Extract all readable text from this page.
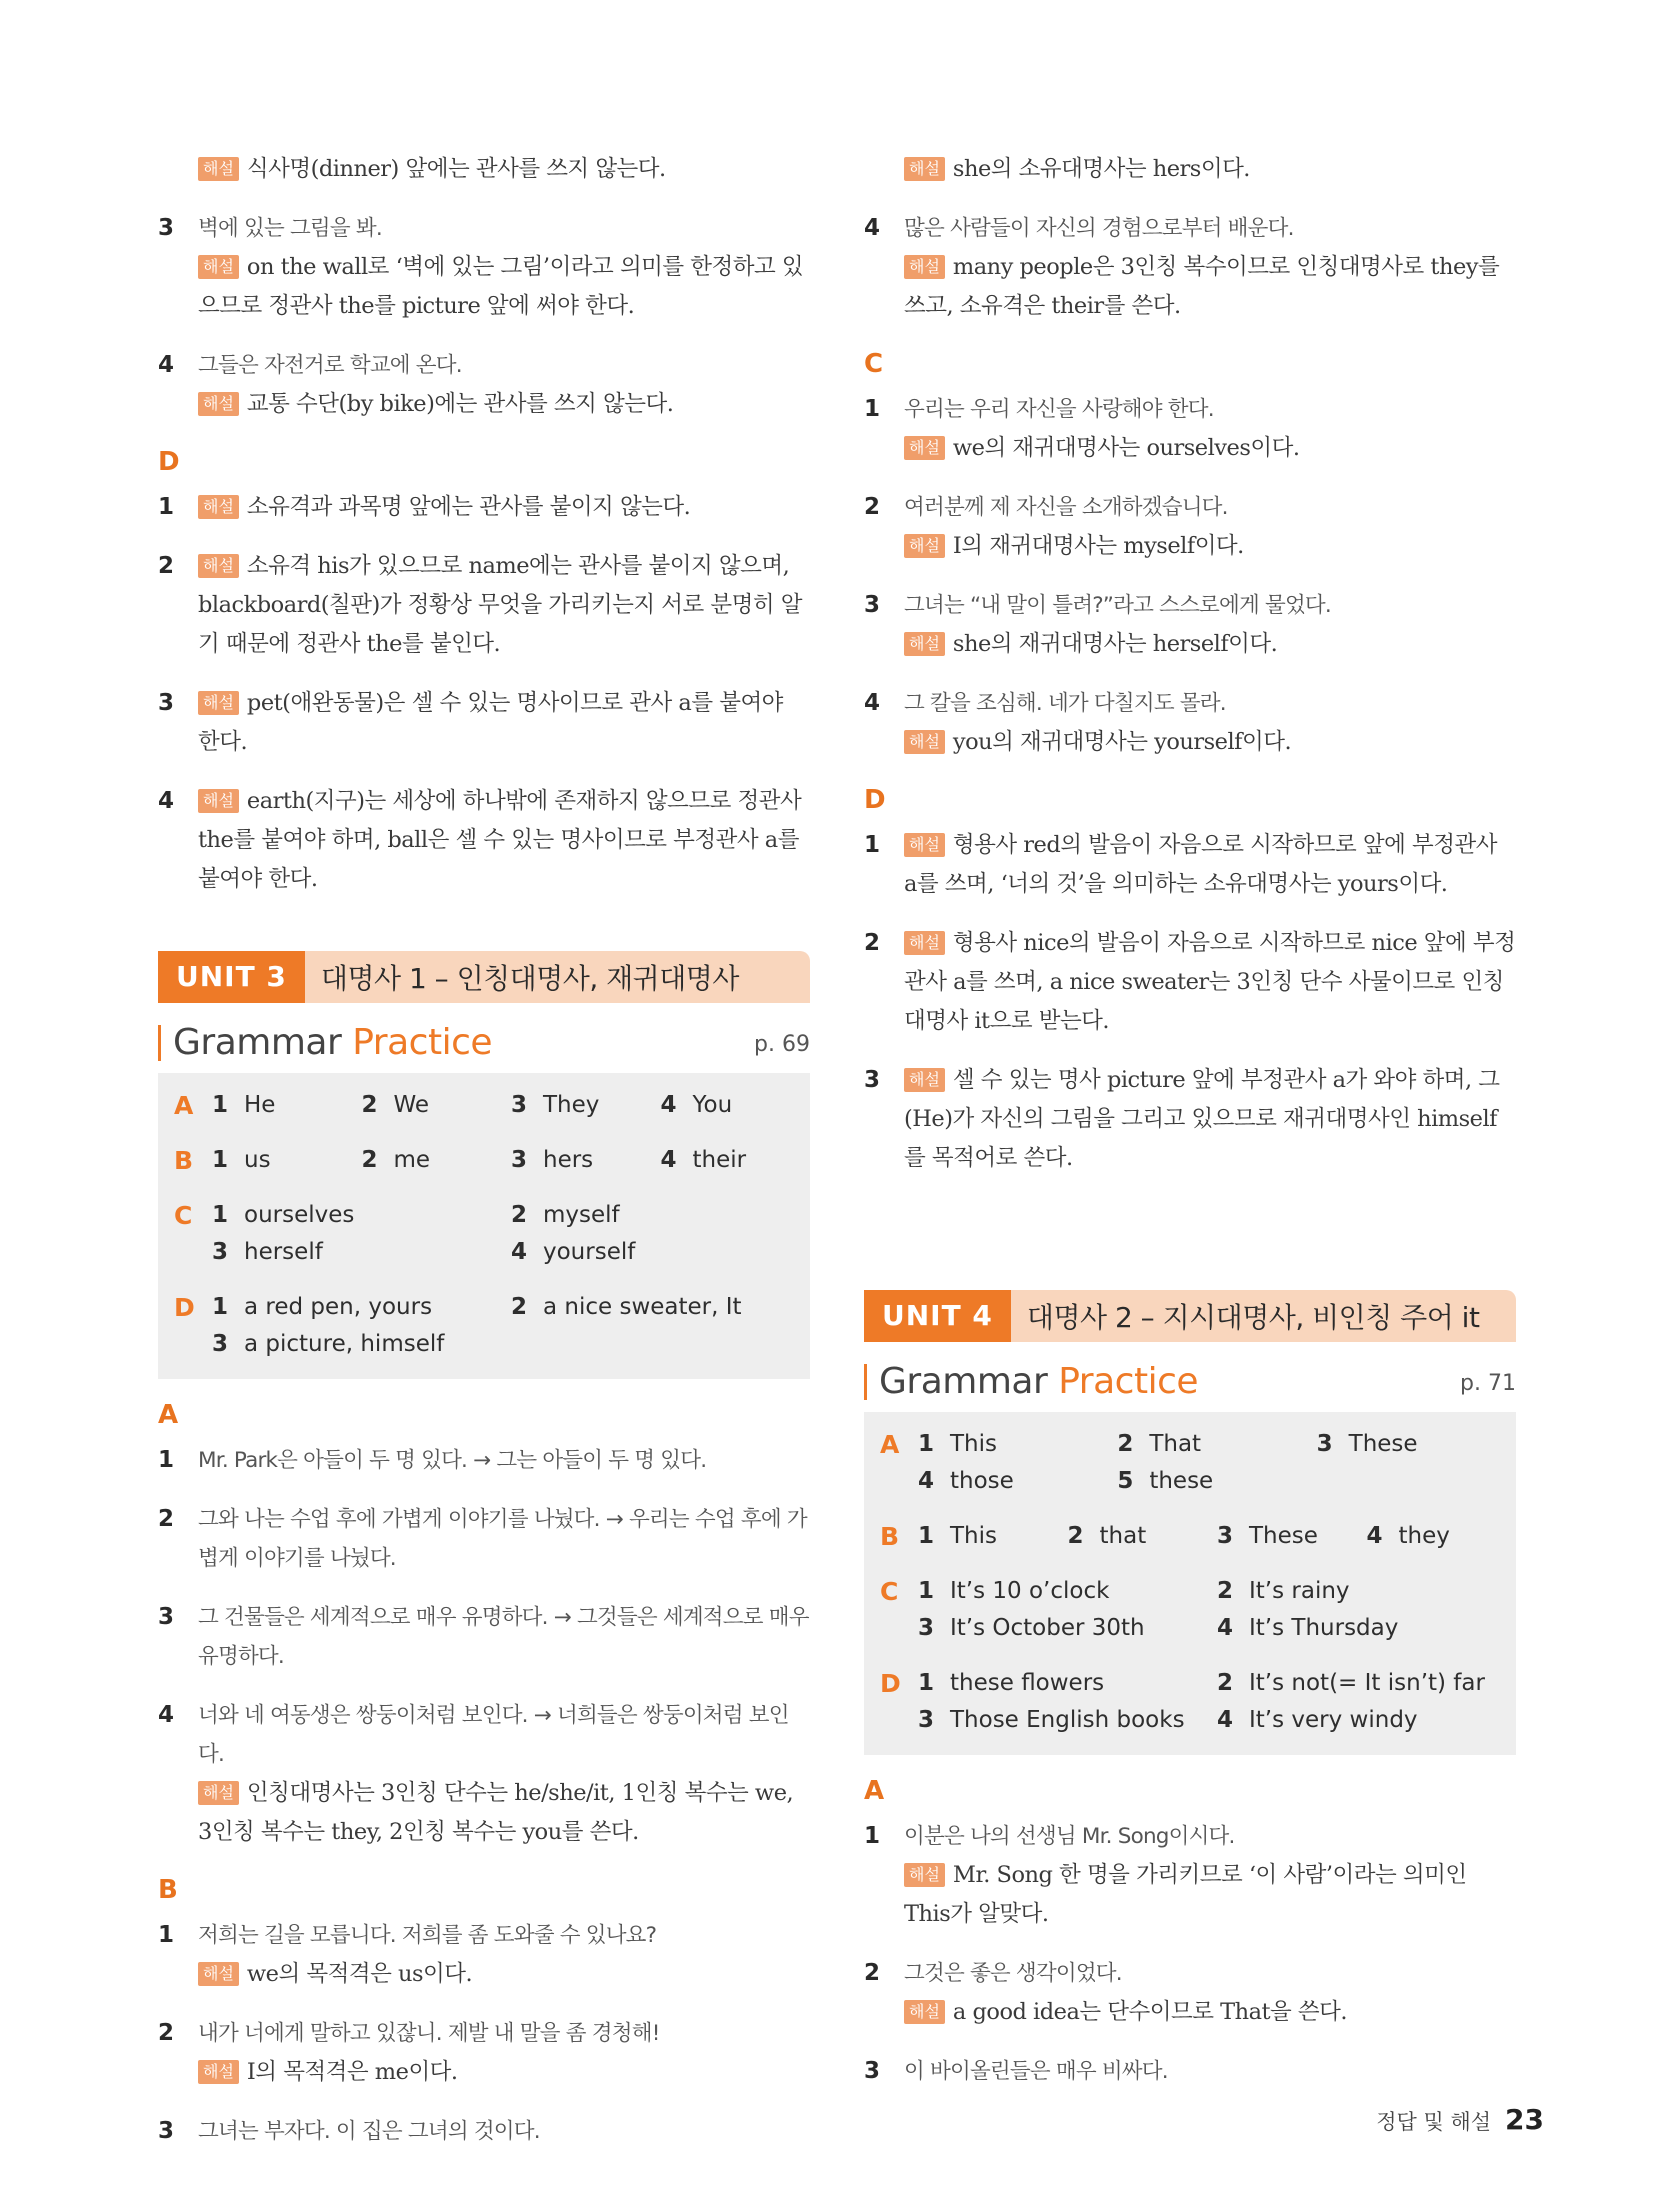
해설 식사명(dinner) 앞에는 관사를 쓰지 않는다.
3	벽에 있는 그림을 봐.
해설 on the wall로 ‘벽에 있는 그림’이라고 의미를 한정하고 있으므로 정관사 the를 picture 앞에 써야 한다.
4	그들은 자전거로 학교에 온다.
해설 교통 수단(by bike)에는 관사를 쓰지 않는다.
D
1	해설 소유격과 과목명 앞에는 관사를 붙이지 않는다.
2	해설 소유격 his가 있으므로 name에는 관사를 붙이지 않으며, blackboard(칠판)가 정황상 무엇을 가리키는지 서로 분명히 알기 때문에 정관사 the를 붙인다.
3	해설 pet(애완동물)은 셀 수 있는 명사이므로 관사 a를 붙여야 한다.
4	해설 earth(지구)는 세상에 하나밖에 존재하지 않으므로 정관사 the를 붙여야 하며, ball은 셀 수 있는 명사이므로 부정관사 a를 붙여야 한다.
UNIT 3	대명사 1 – 인칭대명사, 재귀대명사
Grammar Practice	p. 69
A 1 He	2 We	3 They	4 You
B 1 us	2 me	3 hers	4 their
C 1 ourselves	2 myself
3 herself	4 yourself
D 1 a red pen, yours	2 a nice sweater, It
3 a picture, himself
A
1	Mr. Park은 아들이 두 명 있다. → 그는 아들이 두 명 있다.
2	그와 나는 수업 후에 가볍게 이야기를 나눴다. → 우리는 수업 후에 가볍게 이야기를 나눴다.
3	그 건물들은 세계적으로 매우 유명하다. → 그것들은 세계적으로 매우 유명하다.
4	너와 네 여동생은 쌍둥이처럼 보인다. → 너희들은 쌍둥이처럼 보인다.
해설 인칭대명사는 3인칭 단수는 he/she/it, 1인칭 복수는 we, 3인칭 복수는 they, 2인칭 복수는 you를 쓴다.
B
1	저희는 길을 모릅니다. 저희를 좀 도와줄 수 있나요?
해설 we의 목적격은 us이다.
2	내가 너에게 말하고 있잖니. 제발 내 말을 좀 경청해!
해설 I의 목적격은 me이다.
3	그녀는 부자다. 이 집은 그녀의 것이다.
해설 she의 소유대명사는 hers이다.
4	많은 사람들이 자신의 경험으로부터 배운다.
해설 many people은 3인칭 복수이므로 인칭대명사로 they를 쓰고, 소유격은 their를 쓴다.
C
1	우리는 우리 자신을 사랑해야 한다.
해설 we의 재귀대명사는 ourselves이다.
2	여러분께 제 자신을 소개하겠습니다.
해설 I의 재귀대명사는 myself이다.
3	그녀는 “내 말이 틀려?”라고 스스로에게 물었다.
해설 she의 재귀대명사는 herself이다.
4	그 칼을 조심해. 네가 다칠지도 몰라.
해설 you의 재귀대명사는 yourself이다.
D
1	해설 형용사 red의 발음이 자음으로 시작하므로 앞에 부정관사 a를 쓰며, ‘너의 것’을 의미하는 소유대명사는 yours이다.
2	해설 형용사 nice의 발음이 자음으로 시작하므로 nice 앞에 부정관사 a를 쓰며, a nice sweater는 3인칭 단수 사물이므로 인칭대명사 it으로 받는다.
3	해설 셀 수 있는 명사 picture 앞에 부정관사 a가 와야 하며, 그(He)가 자신의 그림을 그리고 있으므로 재귀대명사인 himself를 목적어로 쓴다.
UNIT 4	대명사 2 – 지시대명사, 비인칭 주어 it
Grammar Practice	p. 71
A 1 This	2 That	3 These
4 those	5 these
B 1 This	2 that	3 These	4 they
C 1 It’s 10 o’clock	2 It’s rainy
3 It’s October 30th	4 It’s Thursday
D 1 these flowers	2 It’s not(= It isn’t) far
3 Those English books	4 It’s very windy
A
1	이분은 나의 선생님 Mr. Song이시다.
해설 Mr. Song 한 명을 가리키므로 ‘이 사람’이라는 의미인 This가 알맞다.
2	그것은 좋은 생각이었다.
해설 a good idea는 단수이므로 That을 쓴다.
3	이 바이올린들은 매우 비싸다.
정답 및 해설 23
